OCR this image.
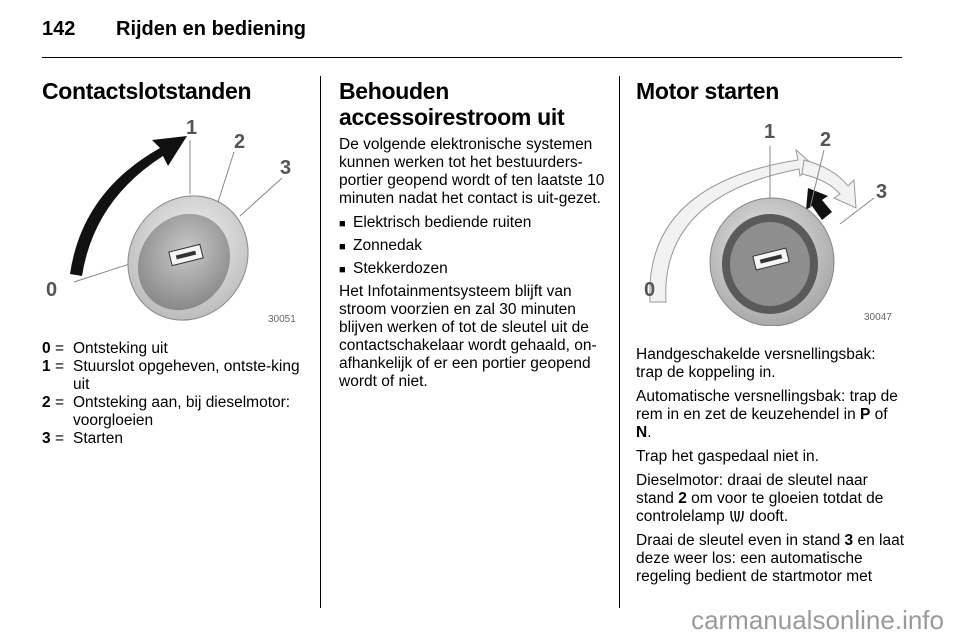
142 Rijden en bediening
Contactslotstanden
1
2
3
0
30051
0 = Ontsteking uit
1 = Stuurslot opgeheven, ontste-king uit
2 = Ontsteking aan, bij dieselmotor: voorgloeien
3 = Starten
Behouden accessoirestroom uit

De volgende elektronische systemen kunnen werken tot het bestuurders-portier geopend wordt of ten laatste 10 minuten nadat het contact is uit-gezet.

■ Elektrisch bediende ruiten
■ Zonnedak
■ Stekkerdozen

Het Infotainmentsysteem blijft van stroom voorzien en zal 30 minuten blijven werken of tot de sleutel uit de contactschakelaar wordt gehaald, on-afhankelijk of er een portier geopend wordt of niet.

Motor starten
1 2
3
0
30047

Handgeschakelde versnellingsbak: trap de koppeling in.

Automatische versnellingsbak: trap de rem in en zet de keuzehendel in P of N.

Trap het gaspedaal niet in.

Dieselmotor: draai de sleutel naar stand 2 om voor te gloeien totdat de controlelamp  dooft.

Draai de sleutel even in stand 3 en laat deze weer los: een automatische regeling bedient de startmotor met

carmanualsonline.info
